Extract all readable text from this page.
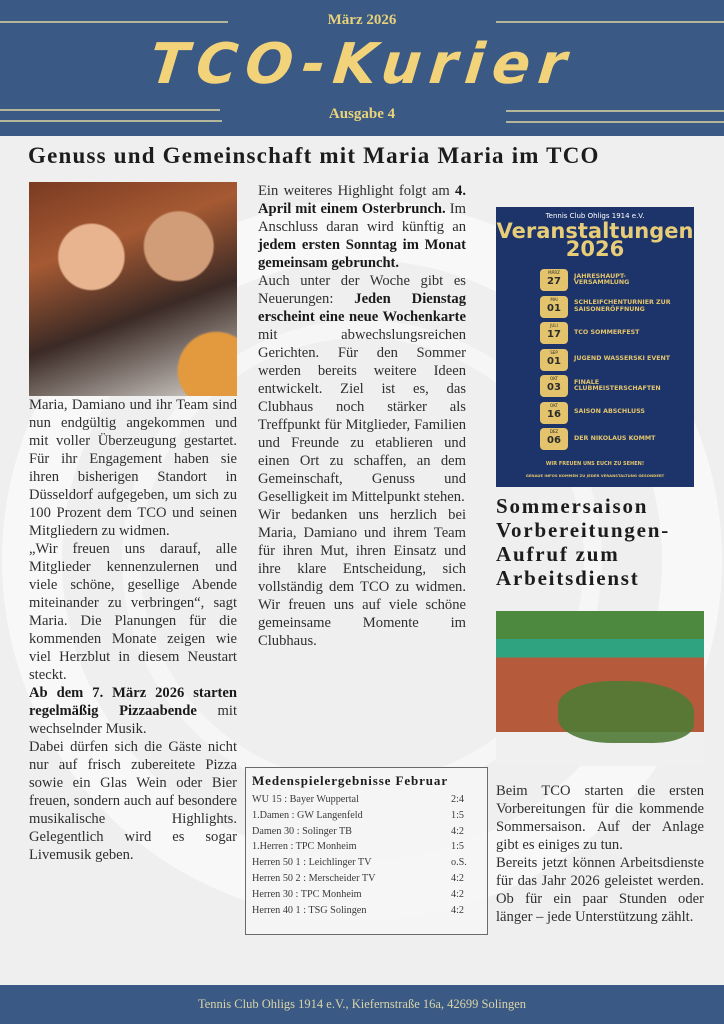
März 2026
TCO-Kurier
Ausgabe 4
Genuss und Gemeinschaft mit Maria Maria im TCO

Maria, Damiano und ihr Team sind nun endgültig angekommen und mit voller Überzeugung gestartet. Für ihr Engagement haben sie ihren bisherigen Standort in Düsseldorf aufgegeben, um sich zu 100 Prozent dem TCO und seinen Mitgliedern zu widmen.

„Wir freuen uns darauf, alle Mitglieder kennenzulernen und viele schöne, gesellige Abende miteinander zu verbringen“, sagt Maria. Die Planungen für die kommenden Monate zeigen wie viel Herzblut in diesem Neustart steckt.

Ab dem 7. März 2026 starten regelmäßig Pizzaabende mit wechselnder Musik.

Dabei dürfen sich die Gäste nicht nur auf frisch zubereitete Pizza sowie ein Glas Wein oder Bier freuen, sondern auch auf besondere musikalische Highlights. Gelegentlich wird es sogar Livemusik geben.

Ein weiteres Highlight folgt am 4. April mit einem Osterbrunch. Im Anschluss daran wird künftig an jedem ersten Sonntag im Monat gemeinsam gebruncht.

Auch unter der Woche gibt es Neuerungen: Jeden Dienstag erscheint eine neue Wochenkarte mit abwechslungsreichen Gerichten. Für den Sommer werden bereits weitere Ideen entwickelt. Ziel ist es, das Clubhaus noch stärker als Treffpunkt für Mitglieder, Familien und Freunde zu etablieren und einen Ort zu schaffen, an dem Gemeinschaft, Genuss und Geselligkeit im Mittelpunkt stehen.

Wir bedanken uns herzlich bei Maria, Damiano und ihrem Team für ihren Mut, ihren Einsatz und ihre klare Entscheidung, sich vollständig dem TCO zu widmen. Wir freuen uns auf viele schöne gemeinsame Momente im Clubhaus.

Tennis Club Ohligs 1914 e.V.
Veranstaltungen
2026
MÄRZ
27	JAHRESHAUPT-VERSAMMLUNG
MAI
01	SCHLEIFCHENTURNIER ZUR SAISONERÖFFNUNG
JULI
17	TCO SOMMERFEST
SEP
01	JUGEND WASSERSKI EVENT
OKT
03	FINALE CLUBMEISTERSCHAFTEN
OKT
16	SAISON ABSCHLUSS
DEZ
06	DER NIKOLAUS KOMMT
WIR FREUEN UNS EUCH ZU SEHEN!
GENAUE INFOS KOMMEN ZU JEDER VERANSTALTUNG GESONDERT
Sommersaison Vorbereitungen-Aufruf zum Arbeitsdienst

Beim TCO starten die ersten Vorbereitungen für die kommende Sommersaison. Auf der Anlage gibt es einiges zu tun.

Bereits jetzt können Arbeitsdienste für das Jahr 2026 geleistet werden. Ob für ein paar Stunden oder länger – jede Unterstützung zählt.

Medenspielergebnisse Februar
WU 15 : Bayer Wuppertal	2:4
1.Damen : GW Langenfeld	1:5
Damen 30 : Solinger TB	4:2
1.Herren : TPC Monheim	1:5
Herren 50 1 : Leichlinger TV	o.S.
Herren 50 2 : Merscheider TV	4:2
Herren 30 : TPC Monheim	4:2
Herren 40 1 : TSG Solingen	4:2
Tennis Club Ohligs 1914 e.V., Kiefernstraße 16a, 42699 Solingen
